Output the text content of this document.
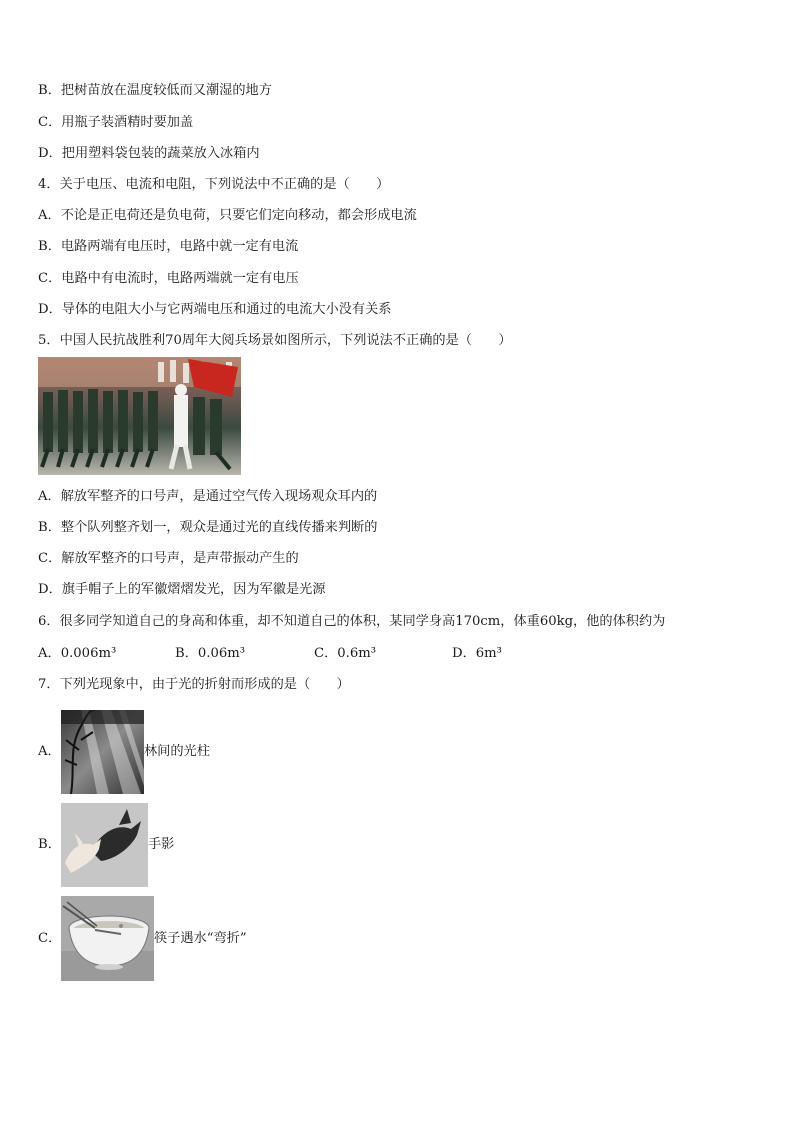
B．把树苗放在温度较低而又潮湿的地方
C．用瓶子装酒精时要加盖
D．把用塑料袋包装的蔬菜放入冰箱内
4．关于电压、电流和电阻，下列说法中不正确的是（　　）
A．不论是正电荷还是负电荷，只要它们定向移动，都会形成电流
B．电路两端有电压时，电路中就一定有电流
C．电路中有电流时，电路两端就一定有电压
D．导体的电阻大小与它两端电压和通过的电流大小没有关系
5．中国人民抗战胜利70周年大阅兵场景如图所示，下列说法不正确的是（　　）
A．解放军整齐的口号声，是通过空气传入现场观众耳内的
B．整个队列整齐划一，观众是通过光的直线传播来判断的
C．解放军整齐的口号声，是声带振动产生的
D．旗手帽子上的军徽熠熠发光，因为军徽是光源
6．很多同学知道自己的身高和体重，却不知道自己的体积，某同学身高170cm，体重60kg，他的体积约为
A．0.006m³	B．0.06m³	C．0.6m³	D．6m³
7．下列光现象中，由于光的折射而形成的是（　　）
A．	林间的光柱
B．	手影
C．	筷子遇水“弯折”
